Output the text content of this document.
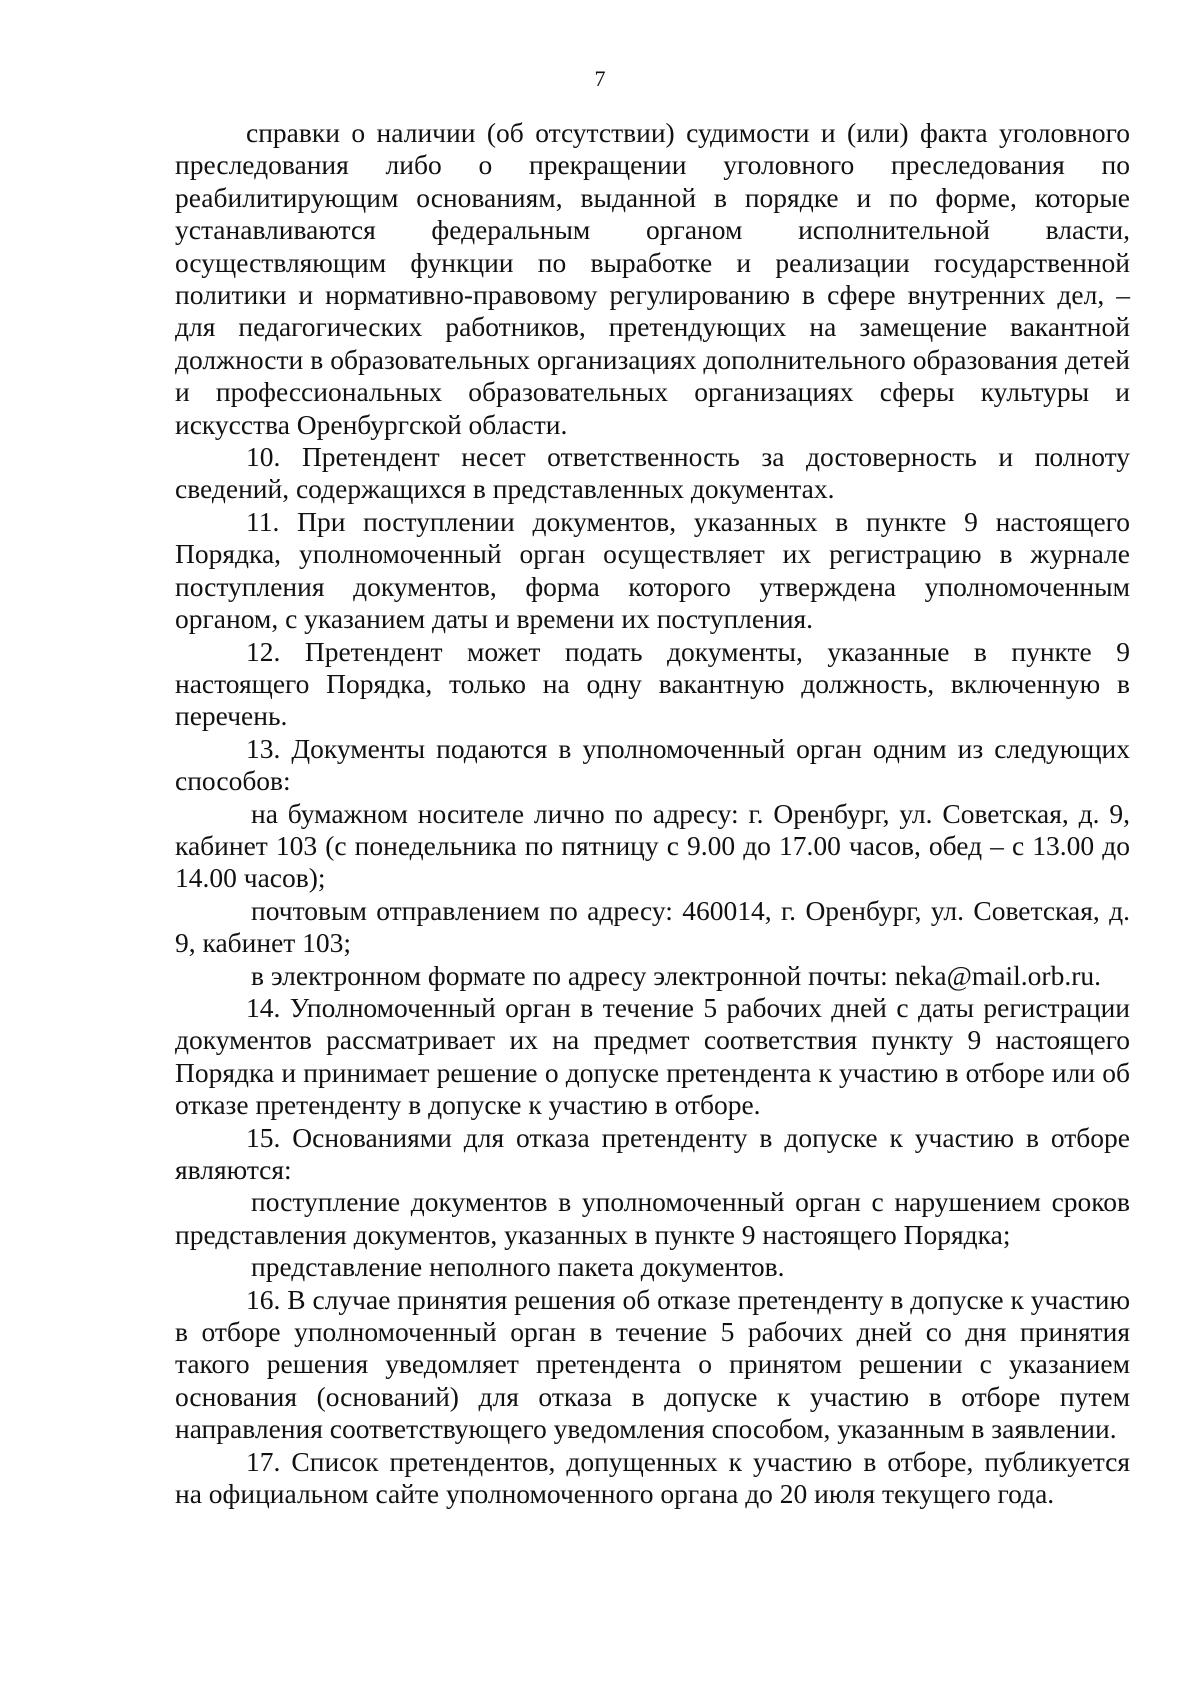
7

справки о наличии (об отсутствии) судимости и (или) факта уголовного преследования либо о прекращении уголовного преследования по реабилитирующим основаниям, выданной в порядке и по форме, которые устанавливаются федеральным органом исполнительной власти, осуществляющим функции по выработке и реализации государственной политики и нормативно-правовому регулированию в сфере внутренних дел, – для педагогических работников, претендующих на замещение вакантной должности в образовательных организациях дополнительного образования детей и профессиональных образовательных организациях сферы культуры и искусства Оренбургской области.

10. Претендент несет ответственность за достоверность и полноту сведений, содержащихся в представленных документах.

11. При поступлении документов, указанных в пункте 9 настоящего Порядка, уполномоченный орган осуществляет их регистрацию в журнале поступления документов, форма которого утверждена уполномоченным органом, с указанием даты и времени их поступления.

12. Претендент может подать документы, указанные в пункте 9 настоящего Порядка, только на одну вакантную должность, включенную в перечень.

13. Документы подаются в уполномоченный орган одним из следующих способов:

на бумажном носителе лично по адресу: г. Оренбург, ул. Советская, д. 9, кабинет 103 (с понедельника по пятницу с 9.00 до 17.00 часов, обед – с 13.00 до 14.00 часов);

почтовым отправлением по адресу: 460014, г. Оренбург, ул. Советская, д. 9, кабинет 103;

в электронном формате по адресу электронной почты: neka@mail.orb.ru.

14. Уполномоченный орган в течение 5 рабочих дней с даты регистрации документов рассматривает их на предмет соответствия пункту 9 настоящего Порядка и принимает решение о допуске претендента к участию в отборе или об отказе претенденту в допуске к участию в отборе.

15. Основаниями для отказа претенденту в допуске к участию в отборе являются:

поступление документов в уполномоченный орган с нарушением сроков представления документов, указанных в пункте 9 настоящего Порядка;

представление неполного пакета документов.

16. В случае принятия решения об отказе претенденту в допуске к участию в отборе уполномоченный орган в течение 5 рабочих дней со дня принятия такого решения уведомляет претендента о принятом решении с указанием основания (оснований) для отказа в допуске к участию в отборе путем направления соответствующего уведомления способом, указанным в заявлении.

17. Список претендентов, допущенных к участию в отборе, публикуется на официальном сайте уполномоченного органа до 20 июля текущего года.
